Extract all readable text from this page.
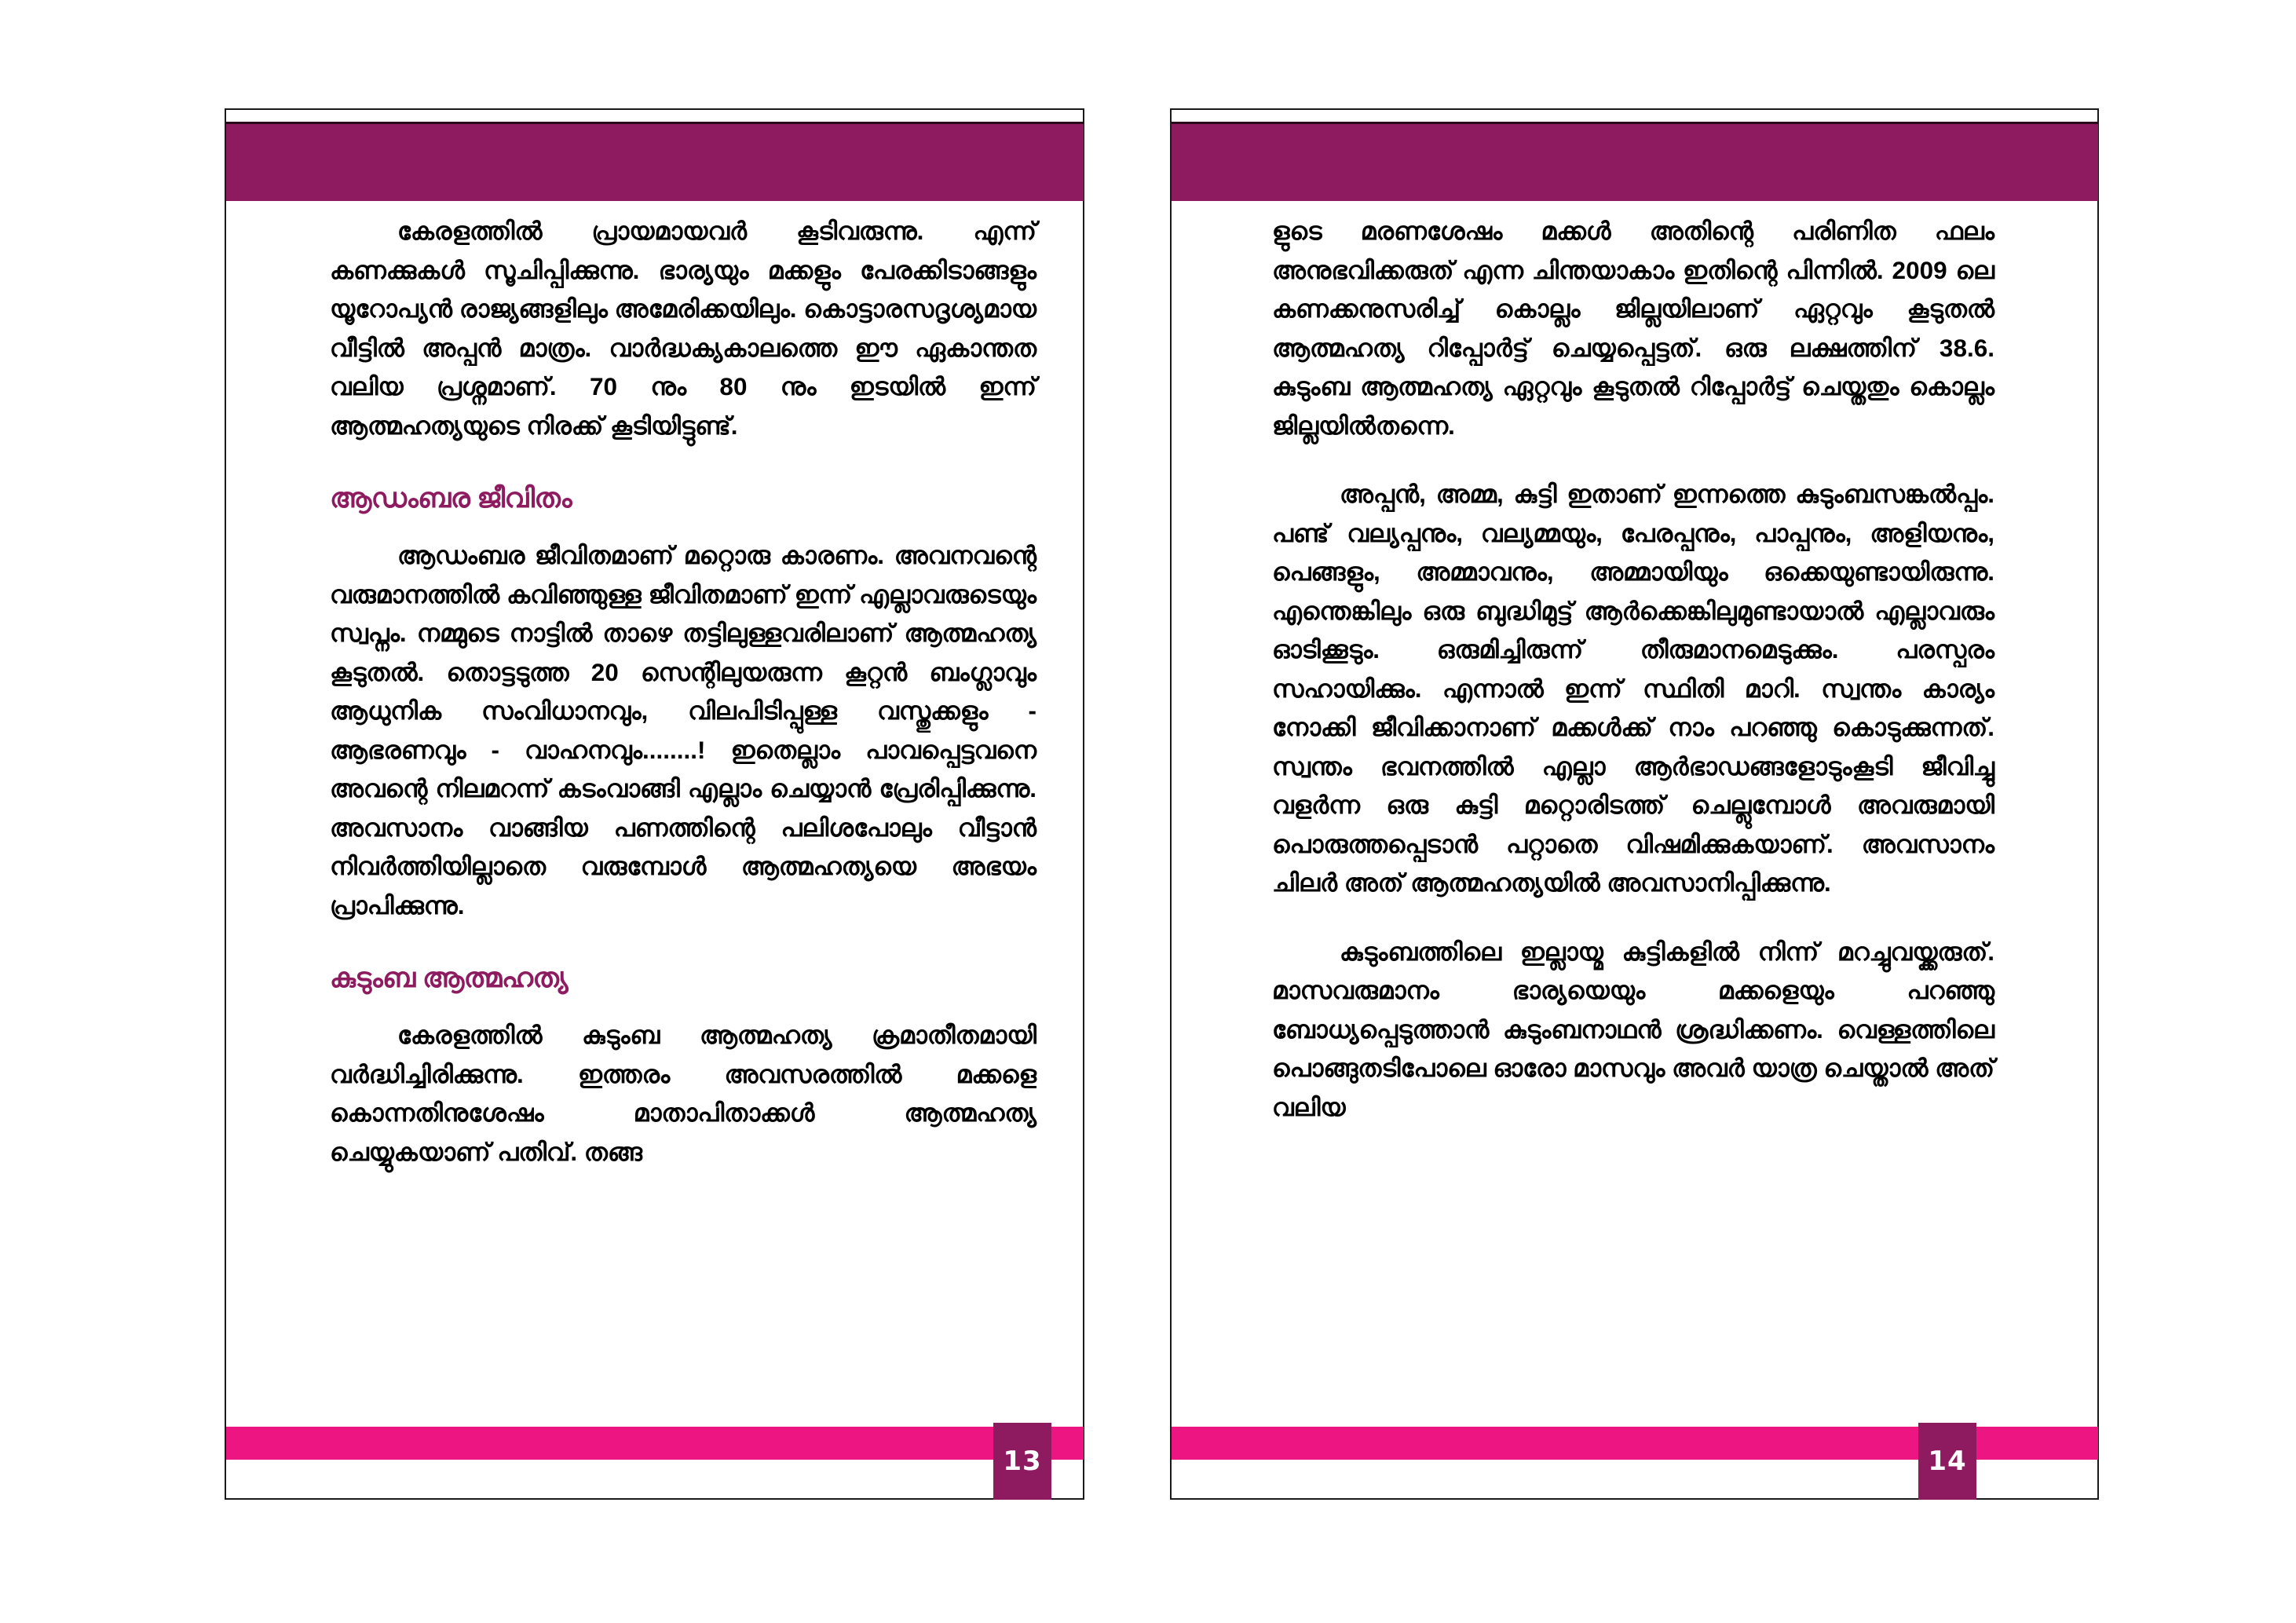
13

കേരളത്തിൽ പ്രായമായവർ കൂടിവരുന്നു. എന്ന് കണക്കുകൾ സൂചിപ്പിക്കുന്നു. ഭാര്യയും മക്കളും പേരക്കിടാങ്ങളും യൂറോപ്യൻ രാജ്യങ്ങളിലും അമേരിക്കയിലും. കൊട്ടാരസദൃശ്യമായ വീട്ടിൽ അപ്പൻ മാത്രം. വാർദ്ധക്യകാലത്തെ ഈ ഏകാന്തത വലിയ പ്രശ്നമാണ്. 70 നും 80 നും ഇടയിൽ ഇന്ന് ആത്മഹത്യയുടെ നിരക്ക് കൂടിയിട്ടുണ്ട്.

ആഡംബര ജീവിതം

ആഡംബര ജീവിതമാണ് മറ്റൊരു കാരണം. അവനവന്റെ വരുമാനത്തിൽ കവിഞ്ഞുള്ള ജീവിതമാണ് ഇന്ന് എല്ലാവരുടെയും സ്വപ്നം. നമ്മുടെ നാട്ടിൽ താഴെ തട്ടിലുള്ളവരിലാണ് ആത്മഹത്യ കൂടുതൽ. തൊട്ടടുത്ത 20 സെന്റിലുയരുന്ന കൂറ്റൻ ബംഗ്ലാവും ആധുനിക സംവിധാനവും, വിലപിടിപ്പുള്ള വസ്തുക്കളും - ആഭരണവും - വാഹനവും........! ഇതെല്ലാം പാവപ്പെട്ടവനെ അവന്റെ നിലമറന്ന് കടംവാങ്ങി എല്ലാം ചെയ്യാൻ പ്രേരിപ്പിക്കുന്നു. അവസാനം വാങ്ങിയ പണത്തിന്റെ പലിശപോലും വീട്ടാൻ നിവർത്തിയില്ലാതെ വരുമ്പോൾ ആത്മഹത്യയെ അഭയം പ്രാപിക്കുന്നു.

കുടുംബ ആത്മഹത്യ

കേരളത്തിൽ കുടുംബ ആത്മഹത്യ ക്രമാതീതമായി വർദ്ധിച്ചിരിക്കുന്നു. ഇത്തരം അവസരത്തിൽ മക്കളെ കൊന്നതിനുശേഷം മാതാപിതാക്കൾ ആത്മഹത്യ ചെയ്യുകയാണ് പതിവ്. തങ്ങ

14

ളുടെ മരണശേഷം മക്കൾ അതിന്റെ പരിണിത ഫലം അനുഭവിക്കരുത് എന്ന ചിന്തയാകാം ഇതിന്റെ പിന്നിൽ. 2009 ലെ കണക്കനുസരിച്ച് കൊല്ലം ജില്ലയിലാണ് ഏറ്റവും കൂടുതൽ ആത്മഹത്യ റിപ്പോർട്ട് ചെയ്യപ്പെട്ടത്. ഒരു ലക്ഷത്തിന് 38.6. കുടുംബ ആത്മഹത്യ ഏറ്റവും കൂടുതൽ റിപ്പോർട്ട് ചെയ്തതും കൊല്ലം ജില്ലയിൽതന്നെ.

അപ്പൻ, അമ്മ, കുട്ടി ഇതാണ് ഇന്നത്തെ കുടുംബസങ്കൽപ്പം. പണ്ട് വല്യപ്പനും, വല്യമ്മയും, പേരപ്പനും, പാപ്പനും, അളിയനും, പെങ്ങളും, അമ്മാവനും, അമ്മായിയും ഒക്കെയുണ്ടായിരുന്നു. എന്തെങ്കിലും ഒരു ബുദ്ധിമുട്ട് ആർക്കെങ്കിലുമുണ്ടായാൽ എല്ലാവരും ഓടിക്കൂടും. ഒരുമിച്ചിരുന്ന് തീരുമാനമെടുക്കും. പരസ്പരം സഹായിക്കും. എന്നാൽ ഇന്ന് സ്ഥിതി മാറി. സ്വന്തം കാര്യം നോക്കി ജീവിക്കാനാണ് മക്കൾക്ക് നാം പറഞ്ഞു കൊടുക്കുന്നത്. സ്വന്തം ഭവനത്തിൽ എല്ലാ ആർഭാഡങ്ങളോടുംകൂടി ജീവിച്ചു വളർന്ന ഒരു കുട്ടി മറ്റൊരിടത്ത് ചെല്ലുമ്പോൾ അവരുമായി പൊരുത്തപ്പെടാൻ പറ്റാതെ വിഷമിക്കുകയാണ്. അവസാനം ചിലർ അത് ആത്മഹത്യയിൽ അവസാനിപ്പിക്കുന്നു.

കുടുംബത്തിലെ ഇല്ലായ്മ കുട്ടികളിൽ നിന്ന് മറച്ചുവയ്ക്കരുത്. മാസവരുമാനം ഭാര്യയെയും മക്കളെയും പറഞ്ഞു ബോധ്യപ്പെടുത്താൻ കുടുംബനാഥൻ ശ്രദ്ധിക്കണം. വെള്ളത്തിലെ പൊങ്ങുതടിപോലെ ഓരോ മാസവും അവർ യാത്ര ചെയ്താൽ അത് വലിയ
